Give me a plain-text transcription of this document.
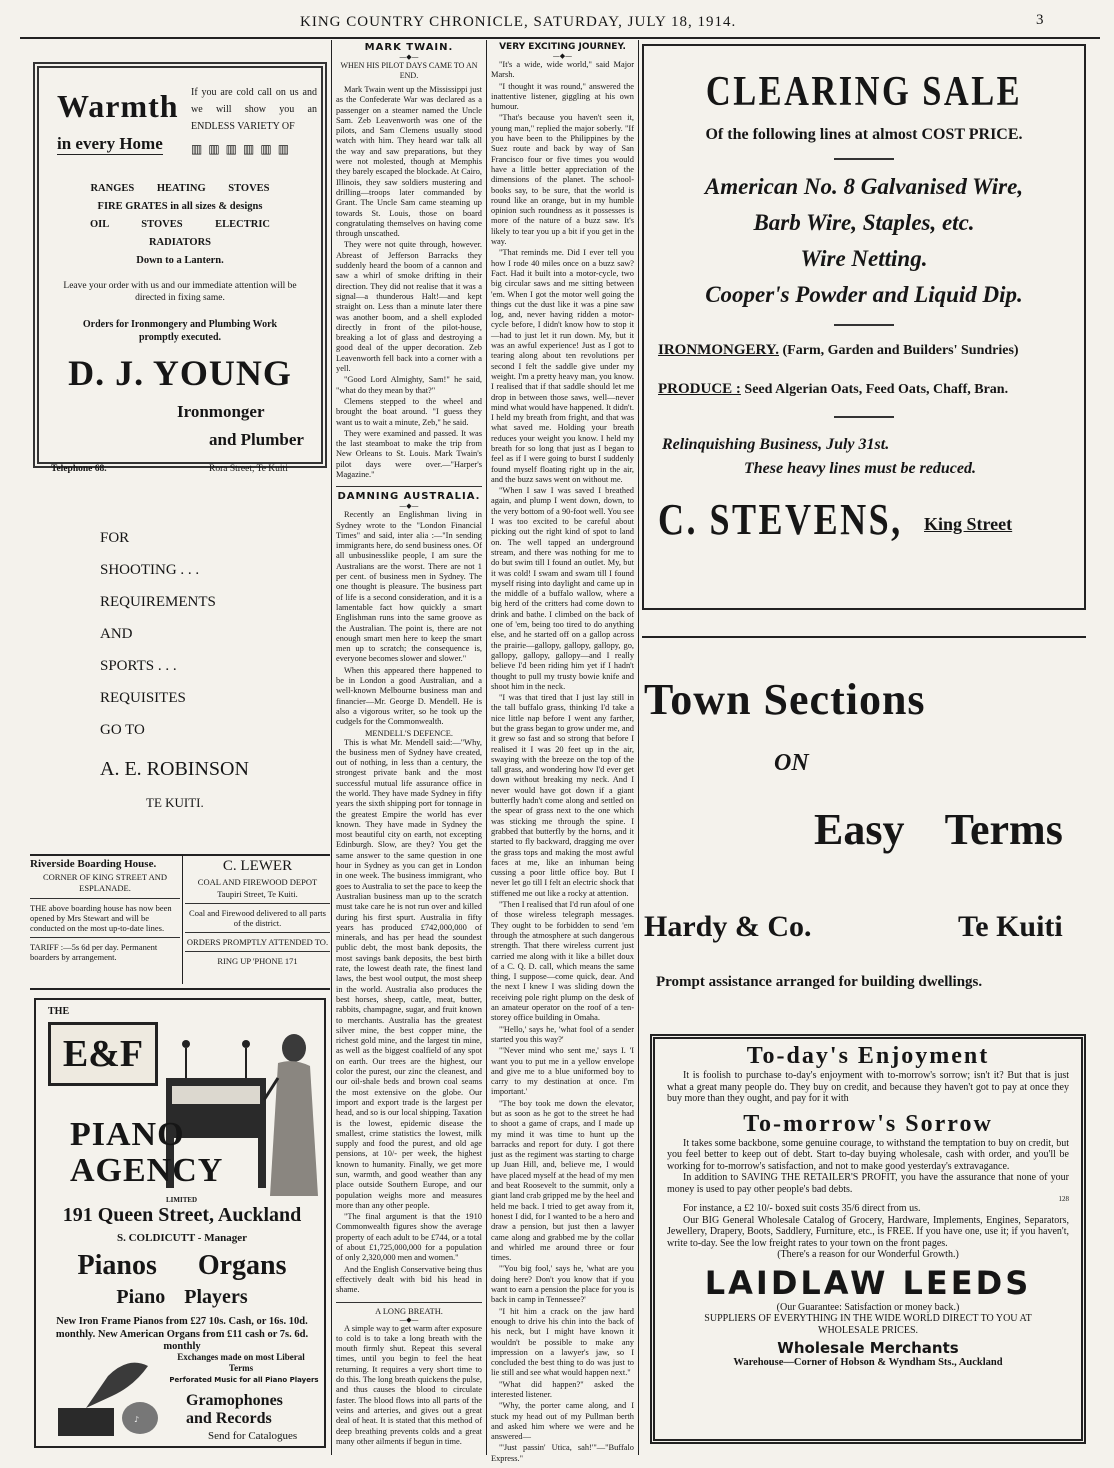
KING COUNTRY CHRONICLE, SATURDAY, JULY 18, 1914.	3
Warmth
in every Home
If you are cold call on us and we will show you an ENDLESS VARIETY OF
▥▥▥▥▥▥
RANGES HEATING STOVES
FIRE GRATES in all sizes & designs
OIL STOVES ELECTRIC RADIATORS
Down to a Lantern.
Leave your order with us and our immediate attention will be directed in fixing same.
Orders for Ironmongery and Plumbing Work promptly executed.
D. J. YOUNG
Ironmonger
and Plumber
Telephone 68.	Rora Street, Te Kuiti
FOR
SHOOTING . . .
REQUIREMENTS
AND
SPORTS . . .
REQUISITES
GO TO
A. E. ROBINSON
TE KUITI.
Riverside Boarding House.
CORNER OF KING STREET AND ESPLANADE.
THE above boarding house has now been opened by Mrs Stewart and will be conducted on the most up-to-date lines.
TARIFF :—5s 6d per day. Permanent boarders by arrangement.
C. LEWER
COAL AND FIREWOOD DEPOT
Taupiri Street, Te Kuiti.
Coal and Firewood delivered to all parts of the district.
ORDERS PROMPTLY ATTENDED TO.
RING UP 'PHONE 171
THE
E&F
PIANO
AGENCY
LIMITED
191 Queen Street, Auckland
S. COLDICUTT - Manager
Pianos Organs
Piano Players
New Iron Frame Pianos from £27 10s. Cash, or 16s. 10d. monthly. New American Organs from £11 cash or 7s. 6d. monthly
♪
Exchanges made on most Liberal Terms
Perforated Music for all Piano Players
Gramophones and Records
Send for Catalogues
MARK TWAIN.
—◆—
WHEN HIS PILOT DAYS CAME TO AN END.
Mark Twain went up the Mississippi just as the Confederate War was declared as a passenger on a steamer named the Uncle Sam. Zeb Leavenworth was one of the pilots, and Sam Clemens usually stood watch with him. They heard war talk all the way and saw preparations, but they were not molested, though at Memphis they barely escaped the blockade. At Cairo, Illinois, they saw soldiers mustering and drilling—troops later commanded by Grant. The Uncle Sam came steaming up towards St. Louis, those on board congratulating themselves on having come through unscathed.
They were not quite through, however. Abreast of Jefferson Barracks they suddenly heard the boom of a cannon and saw a whirl of smoke drifting in their direction. They did not realise that it was a signal—a thunderous Halt!—and kept straight on. Less than a minute later there was another boom, and a shell exploded directly in front of the pilot-house, breaking a lot of glass and destroying a good deal of the upper decoration. Zeb Leavenworth fell back into a corner with a yell.
"Good Lord Almighty, Sam!" he said, "what do they mean by that?"
Clemens stepped to the wheel and brought the boat around. "I guess they want us to wait a minute, Zeb," he said.
They were examined and passed. It was the last steamboat to make the trip from New Orleans to St. Louis. Mark Twain's pilot days were over.—"Harper's Magazine."
DAMNING AUSTRALIA.
—◆—
Recently an Englishman living in Sydney wrote to the "London Financial Times" and said, inter alia :—"In sending immigrants here, do send business ones. Of all unbusinesslike people, I am sure the Australians are the worst. There are not 1 per cent. of business men in Sydney. The one thought is pleasure. The business part of life is a second consideration, and it is a lamentable fact how quickly a smart Englishman runs into the same groove as the Australian. The point is, there are not enough smart men here to keep the smart men up to scratch; the consequence is, everyone becomes slower and slower."
When this appeared there happened to be in London a good Australian, and a well-known Melbourne business man and financier—Mr. George D. Mendell. He is also a vigorous writer, so he took up the cudgels for the Commonwealth.
MENDELL'S DEFENCE.
This is what Mr. Mendell said:—"Why, the business men of Sydney have created, out of nothing, in less than a century, the strongest private bank and the most successful mutual life assurance office in the world. They have made Sydney in fifty years the sixth shipping port for tonnage in the greatest Empire the world has ever known. They have made in Sydney the most beautiful city on earth, not excepting Edinburgh. Slow, are they? You get the same answer to the same question in one hour in Sydney as you can get in London in one week. The business immigrant, who goes to Australia to set the pace to keep the Australian business man up to the scratch must take care he is not run over and killed during his first spurt. Australia in fifty years has produced £742,000,000 of minerals, and has per head the soundest public debt, the most bank deposits, the most savings bank deposits, the best birth rate, the lowest death rate, the finest land laws, the best wool output, the most sheep in the world. Australia also produces the best horses, sheep, cattle, meat, butter, rabbits, champagne, sugar, and fruit known to merchants. Australia has the greatest silver mine, the best copper mine, the richest gold mine, and the largest tin mine, as well as the biggest coalfield of any spot on earth. Our trees are the highest, our color the purest, our zinc the cleanest, and our oil-shale beds and brown coal seams the most extensive on the globe. Our import and export trade is the largest per head, and so is our local shipping. Taxation is the lowest, epidemic disease the smallest, crime statistics the lowest, milk supply and food the purest, and old age pensions, at 10/- per week, the highest known to humanity. Finally, we get more sun, warmth, and good weather than any place outside Southern Europe, and our population weighs more and measures more than any other people.
"The final argument is that the 1910 Commonwealth figures show the average property of each adult to be £744, or a total of about £1,725,000,000 for a population of only 2,320,000 men and women."
And the English Conservative being thus effectively dealt with bid his head in shame.
A LONG BREATH.
—◆—
A simple way to get warm after exposure to cold is to take a long breath with the mouth firmly shut. Repeat this several times, until you begin to feel the heat returning. It requires a very short time to do this. The long breath quickens the pulse, and thus causes the blood to circulate faster. The blood flows into all parts of the veins and arteries, and gives out a great deal of heat. It is stated that this method of deep breathing prevents colds and a great many other ailments if begun in time.
VERY EXCITING JOURNEY.
—◆—
"It's a wide, wide world," said Major Marsh.
"I thought it was round," answered the inattentive listener, giggling at his own humour.
"That's because you haven't seen it, young man," replied the major soberly. "If you have been to the Philippines by the Suez route and back by way of San Francisco four or five times you would have a little better appreciation of the dimensions of the planet. The school-books say, to be sure, that the world is round like an orange, but in my humble opinion such roundness as it possesses is more of the nature of a buzz saw. It's likely to tear you up a bit if you get in the way.
"That reminds me. Did I ever tell you how I rode 40 miles once on a buzz saw? Fact. Had it built into a motor-cycle, two big circular saws and me sitting between 'em. When I got the motor well going the things cut the dust like it was a pine saw log, and, never having ridden a motor-cycle before, I didn't know how to stop it—had to just let it run down. My, but it was an awful experience! Just as I got to tearing along about ten revolutions per second I felt the saddle give under my weight. I'm a pretty heavy man, you know. I realised that if that saddle should let me drop in between those saws, well—never mind what would have happened. It didn't. I held my breath from fright, and that was what saved me. Holding your breath reduces your weight you know. I held my breath for so long that just as I began to feel as if I were going to burst I suddenly found myself floating right up in the air, and the buzz saws went on without me.
"When I saw I was saved I breathed again, and plump I went down, down, to the very bottom of a 90-foot well. You see I was too excited to be careful about picking out the right kind of spot to land on. The well tapped an underground stream, and there was nothing for me to do but swim till I found an outlet. My, but it was cold! I swam and swam till I found myself rising into daylight and came up in the middle of a buffalo wallow, where a big herd of the critters had come down to drink and bathe. I climbed on the back of one of 'em, being too tired to do anything else, and he started off on a gallop across the prairie—gallopy, gallopy, gallopy, go, gallopy, gallopy, gallopy—and I really believe I'd been riding him yet if I hadn't thought to pull my trusty bowie knife and shoot him in the neck.
"I was that tired that I just lay still in the tall buffalo grass, thinking I'd take a nice little nap before I went any farther, but the grass began to grow under me, and it grew so fast and so strong that before I realised it I was 20 feet up in the air, swaying with the breeze on the top of the tall grass, and wondering how I'd ever get down without breaking my neck. And I never would have got down if a giant butterfly hadn't come along and settled on the spear of grass next to the one which was sticking me through the spine. I grabbed that butterfly by the horns, and it started to fly backward, dragging me over the grass tops and making the most awful faces at me, like an inhuman being cussing a poor little office boy. But I never let go till I felt an electric shock that stiffened me out like a rocky at attention.
"Then I realised that I'd run afoul of one of those wireless telegraph messages. They ought to be forbidden to send 'em through the atmosphere at such dangerous strength. That there wireless current just carried me along with it like a billet doux of a C. Q. D. call, which means the same thing, I suppose—come quick, dear. And the next I knew I was sliding down the receiving pole right plump on the desk of an amateur operator on the roof of a ten-storey office building in Omaha.
"'Hello,' says he, 'what fool of a sender started you this way?'
"'Never mind who sent me,' says I. 'I want you to put me in a yellow envelope and give me to a blue uniformed boy to carry to my destination at once. I'm important.'
"The boy took me down the elevator, but as soon as he got to the street he had to shoot a game of craps, and I made up my mind it was time to hunt up the barracks and report for duty. I got there just as the regiment was starting to charge up Juan Hill, and, believe me, I would have placed myself at the head of my men and beat Roosevelt to the summit, only a giant land crab gripped me by the heel and held me back. I tried to get away from it, honest I did, for I wanted to be a hero and draw a pension, but just then a lawyer came along and grabbed me by the collar and whirled me around three or four times.
"'You big fool,' says he, 'what are you doing here? Don't you know that if you want to earn a pension the place for you is back in camp in Tennessee?'
"I hit him a crack on the jaw hard enough to drive his chin into the back of his neck, but I might have known it wouldn't be possible to make any impression on a lawyer's jaw, so I concluded the best thing to do was just to lie still and see what would happen next."
"What did happen?" asked the interested listener.
"Why, the porter came along, and I stuck my head out of my Pullman berth and asked him where we were and he answered—
"'Just passin' Utica, sah!'"—"Buffalo Express."
CLEARING SALE
Of the following lines at almost COST PRICE.
American No. 8 Galvanised Wire,
Barb Wire, Staples, etc.
Wire Netting.
Cooper's Powder and Liquid Dip.
IRONMONGERY. (Farm, Garden and Builders' Sundries)
PRODUCE : Seed Algerian Oats, Feed Oats, Chaff, Bran.
Relinquishing Business, July 31st.
These heavy lines must be reduced.
C. STEVENS, King Street
Town Sections
ON
Easy Terms
Hardy & Co.	Te Kuiti
Prompt assistance arranged for building dwellings.
To-day's Enjoyment
It is foolish to purchase to-day's enjoyment with to-morrow's sorrow; isn't it? But that is just what a great many people do. They buy on credit, and because they haven't got to pay at once they buy more than they ought, and pay for it with
To-morrow's Sorrow
It takes some backbone, some genuine courage, to withstand the temptation to buy on credit, but you feel better to keep out of debt. Start to-day buying wholesale, cash with order, and you'll be working for to-morrow's satisfaction, and not to make good yesterday's extravagance.
In addition to SAVING THE RETAILER'S PROFIT, you have the assurance that none of your money is used to pay other people's bad debts.
128
For instance, a £2 10/- boxed suit costs 35/6 direct from us.
Our BIG General Wholesale Catalog of Grocery, Hardware, Implements, Engines, Separators, Jewellery, Drapery, Boots, Saddlery, Furniture, etc., is FREE. If you have one, use it; if you haven't, write to-day. See the low freight rates to your town on the front pages.
(There's a reason for our Wonderful Growth.)
LAIDLAW LEEDS
(Our Guarantee: Satisfaction or money back.)
SUPPLIERS OF EVERYTHING IN THE WIDE WORLD DIRECT TO YOU AT WHOLESALE PRICES.
Wholesale Merchants
Warehouse—Corner of Hobson & Wyndham Sts., Auckland
